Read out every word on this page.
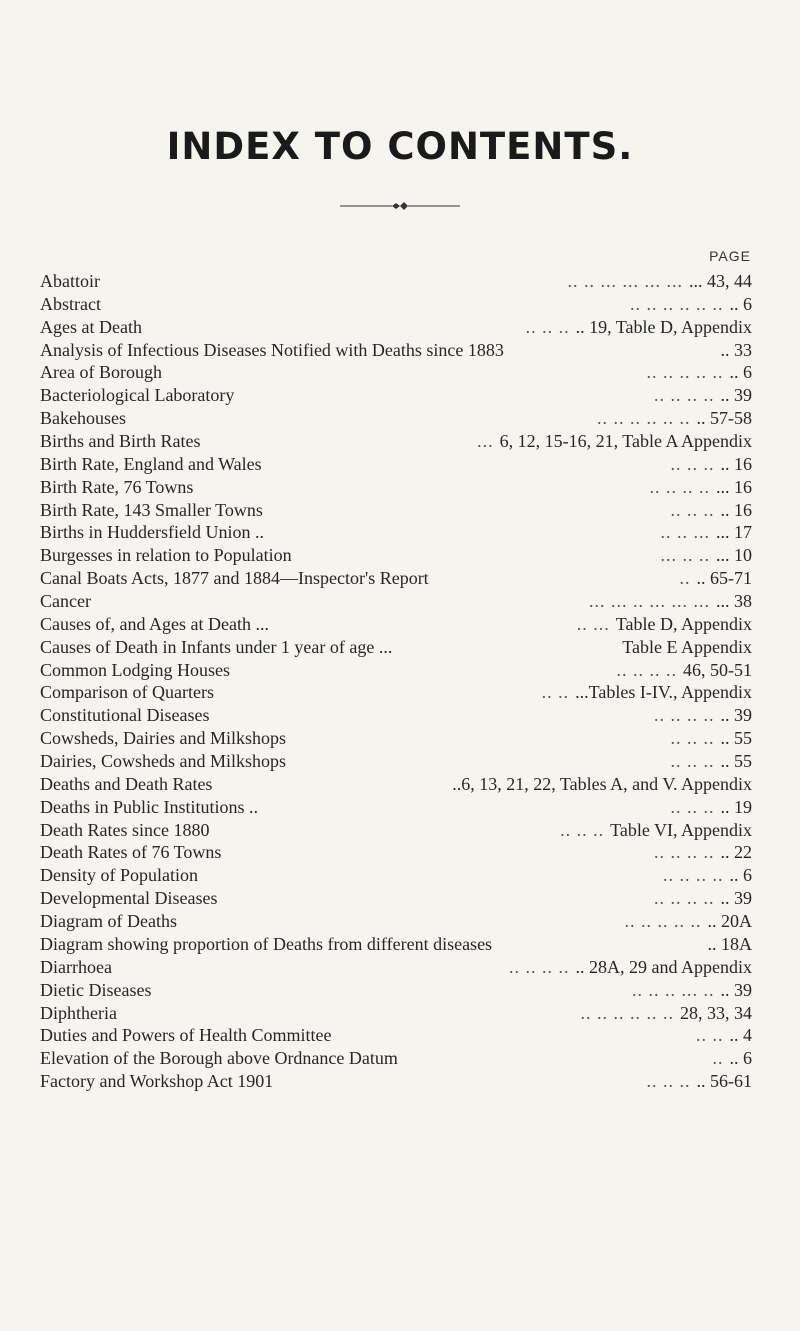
INDEX TO CONTENTS.
PAGE
Abattoir	.. .. ... ... ... ... ... 43, 44
Abstract	.. .. .. .. .. .. .. 6
Ages at Death	.. .. .. .. 19, Table D, Appendix
Analysis of Infectious Diseases Notified with Deaths since 1883	.. 33
Area of Borough	.. .. .. .. .. .. 6
Bacteriological Laboratory	.. .. .. .. .. 39
Bakehouses	.. .. .. .. .. .. .. 57-58
Births and Birth Rates	... 6, 12, 15-16, 21, Table A Appendix
Birth Rate, England and Wales	.. .. .. .. 16
Birth Rate, 76 Towns	.. .. .. .. ... 16
Birth Rate, 143 Smaller Towns	.. .. .. .. 16
Births in Huddersfield Union ..	.. .. ... ... 17
Burgesses in relation to Population	... .. .. ... 10
Canal Boats Acts, 1877 and 1884—Inspector's Report	.. .. 65-71
Cancer	... ... .. ... ... ... ... 38
Causes of, and Ages at Death ...	.. ... Table D, Appendix
Causes of Death in Infants under 1 year of age ...	Table E Appendix
Common Lodging Houses	.. .. .. .. 46, 50-51
Comparison of Quarters	.. .. ...Tables I-IV., Appendix
Constitutional Diseases	.. .. .. .. .. 39
Cowsheds, Dairies and Milkshops	.. .. .. .. 55
Dairies, Cowsheds and Milkshops	.. .. .. .. 55
Deaths and Death Rates	..6, 13, 21, 22, Tables A, and V. Appendix
Deaths in Public Institutions ..	.. .. .. .. 19
Death Rates since 1880	.. .. .. Table VI, Appendix
Death Rates of 76 Towns	.. .. .. .. .. 22
Density of Population	.. .. .. .. .. 6
Developmental Diseases	.. .. .. .. .. 39
Diagram of Deaths	.. .. .. .. .. .. 20A
Diagram showing proportion of Deaths from different diseases	.. 18A
Diarrhoea	.. .. .. .. .. 28A, 29 and Appendix
Dietic Diseases	.. .. .. ... .. .. 39
Diphtheria	.. .. .. .. .. .. 28, 33, 34
Duties and Powers of Health Committee	.. .. .. 4
Elevation of the Borough above Ordnance Datum	.. .. 6
Factory and Workshop Act 1901	.. .. .. .. 56-61
